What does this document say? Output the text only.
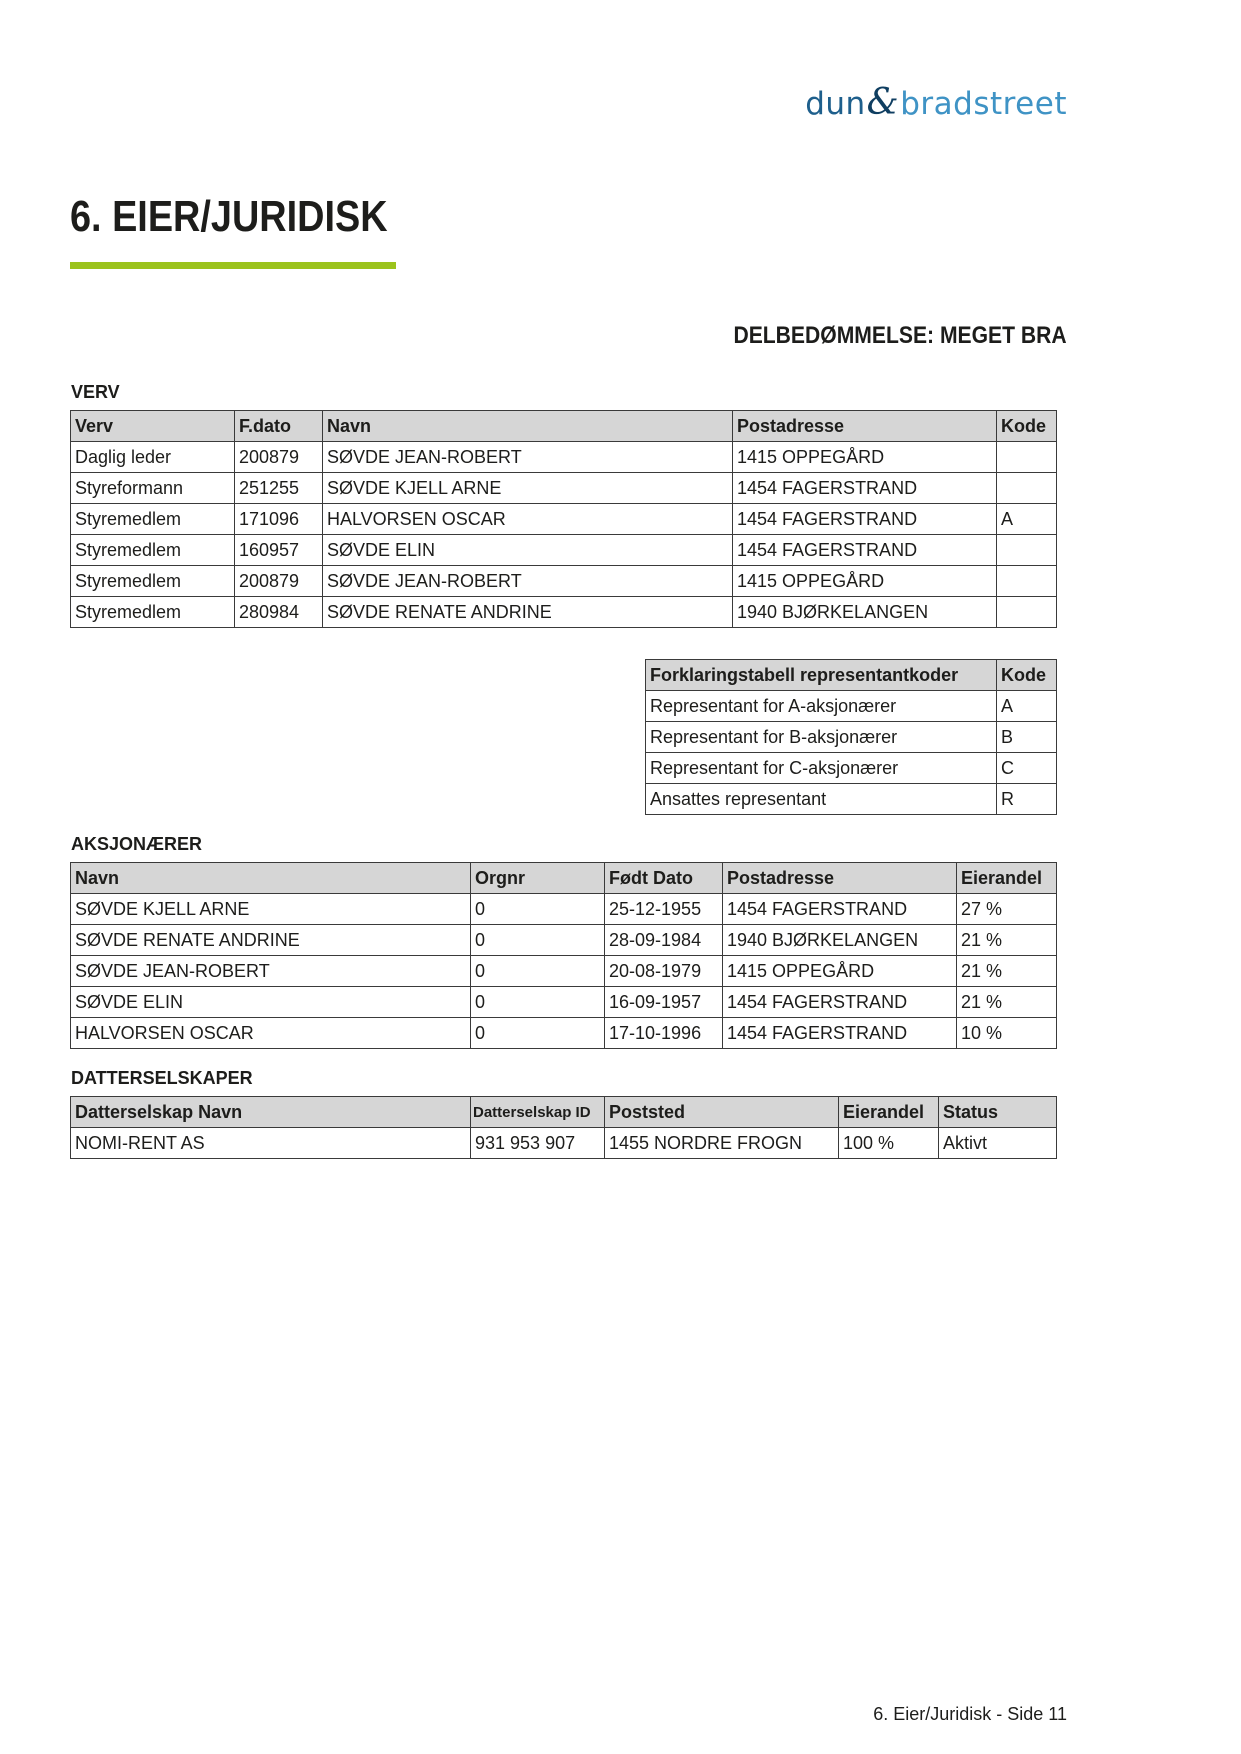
dun&bradstreet
6. EIER/JURIDISK
DELBEDØMMELSE: MEGET BRA
VERV
Verv	F.dato	Navn	Postadresse	Kode
Daglig leder	200879	SØVDE JEAN-ROBERT	1415 OPPEGÅRD	
Styreformann	251255	SØVDE KJELL ARNE	1454 FAGERSTRAND	
Styremedlem	171096	HALVORSEN OSCAR	1454 FAGERSTRAND	A
Styremedlem	160957	SØVDE ELIN	1454 FAGERSTRAND	
Styremedlem	200879	SØVDE JEAN-ROBERT	1415 OPPEGÅRD	
Styremedlem	280984	SØVDE RENATE ANDRINE	1940 BJØRKELANGEN	
Forklaringstabell representantkoder	Kode
Representant for A-aksjonærer	A
Representant for B-aksjonærer	B
Representant for C-aksjonærer	C
Ansattes representant	R
AKSJONÆRER
Navn	Orgnr	Født Dato	Postadresse	Eierandel
SØVDE KJELL ARNE	0	25-12-1955	1454 FAGERSTRAND	27 %
SØVDE RENATE ANDRINE	0	28-09-1984	1940 BJØRKELANGEN	21 %
SØVDE JEAN-ROBERT	0	20-08-1979	1415 OPPEGÅRD	21 %
SØVDE ELIN	0	16-09-1957	1454 FAGERSTRAND	21 %
HALVORSEN OSCAR	0	17-10-1996	1454 FAGERSTRAND	10 %
DATTERSELSKAPER
Datterselskap Navn	Datterselskap ID	Poststed	Eierandel	Status
NOMI-RENT AS	931 953 907	1455 NORDRE FROGN	100 %	Aktivt

6. Eier/Juridisk - Side 11
